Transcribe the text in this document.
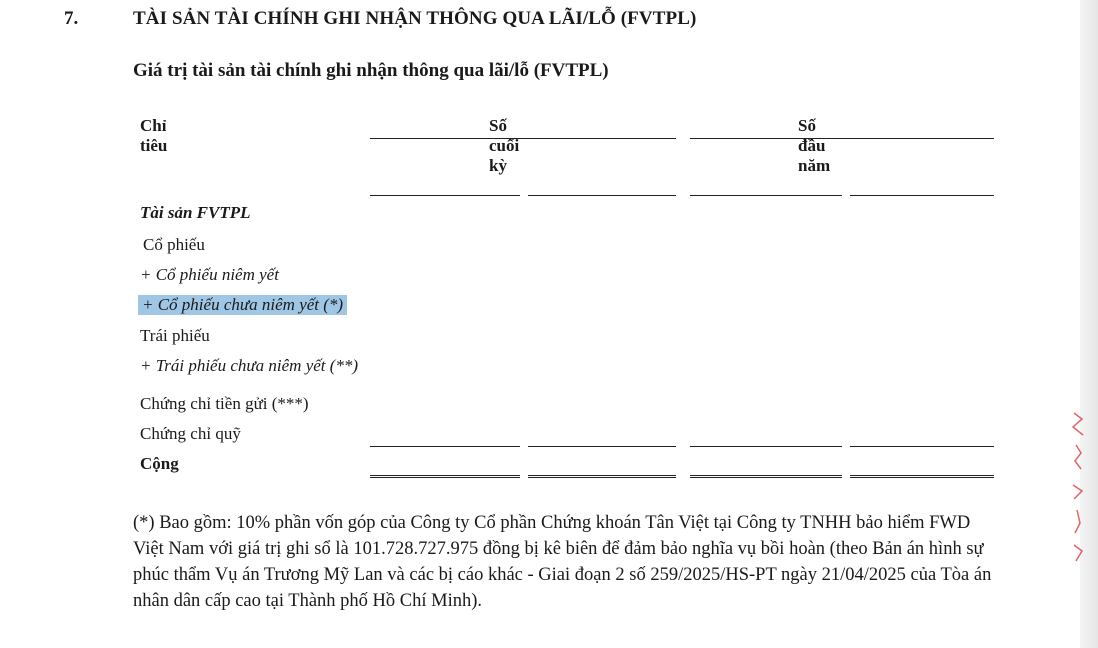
7.	TÀI SẢN TÀI CHÍNH GHI NHẬN THÔNG QUA LÃI/LỖ (FVTPL)
Giá trị tài sản tài chính ghi nhận thông qua lãi/lỗ (FVTPL)
Chỉ tiêu
Số cuối kỳ
Số đầu năm
Tài sản FVTPL
Cổ phiếu
+ Cổ phiếu niêm yết
+ Cổ phiếu chưa niêm yết (*)
Trái phiếu
+ Trái phiếu chưa niêm yết (**)
Chứng chỉ tiền gửi (***)
Chứng chỉ quỹ
Cộng
(*) Bao gồm: 10% phần vốn góp của Công ty Cổ phần Chứng khoán Tân Việt tại Công ty TNHH bảo hiểm FWD Việt Nam với giá trị ghi sổ là 101.728.727.975 đồng bị kê biên để đảm bảo nghĩa vụ bồi hoàn (theo Bản án hình sự phúc thẩm Vụ án Trương Mỹ Lan và các bị cáo khác - Giai đoạn 2 số 259/2025/HS-PT ngày 21/04/2025 của Tòa án nhân dân cấp cao tại Thành phố Hồ Chí Minh).
